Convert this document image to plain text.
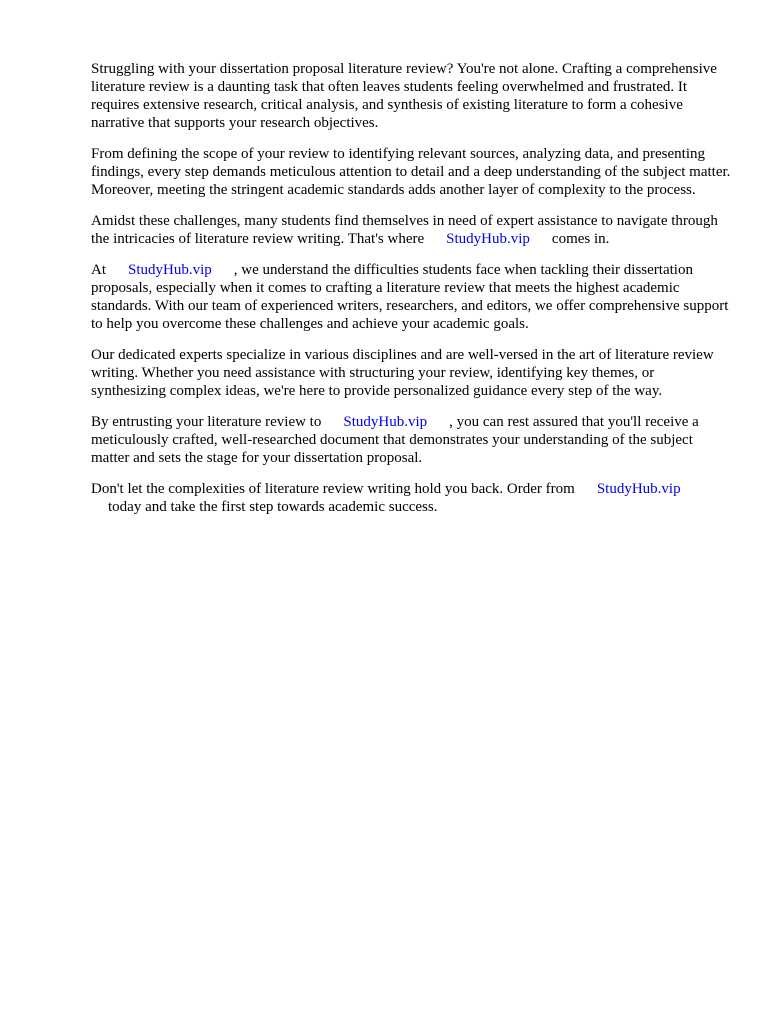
Struggling with your dissertation proposal literature review? You're not alone. Crafting a comprehensive literature review is a daunting task that often leaves students feeling overwhelmed and frustrated. It requires extensive research, critical analysis, and synthesis of existing literature to form a cohesive narrative that supports your research objectives.

From defining the scope of your review to identifying relevant sources, analyzing data, and presenting findings, every step demands meticulous attention to detail and a deep understanding of the subject matter. Moreover, meeting the stringent academic standards adds another layer of complexity to the process.

Amidst these challenges, many students find themselves in need of expert assistance to navigate through the intricacies of literature review writing. That's where StudyHub.vip comes in.

At StudyHub.vip , we understand the difficulties students face when tackling their dissertation proposals, especially when it comes to crafting a literature review that meets the highest academic standards. With our team of experienced writers, researchers, and editors, we offer comprehensive support to help you overcome these challenges and achieve your academic goals.

Our dedicated experts specialize in various disciplines and are well-versed in the art of literature review writing. Whether you need assistance with structuring your review, identifying key themes, or synthesizing complex ideas, we're here to provide personalized guidance every step of the way.

By entrusting your literature review to StudyHub.vip , you can rest assured that you'll receive a meticulously crafted, well-researched document that demonstrates your understanding of the subject matter and sets the stage for your dissertation proposal.

Don't let the complexities of literature review writing hold you back. Order from StudyHub.vip
today and take the first step towards academic success.
